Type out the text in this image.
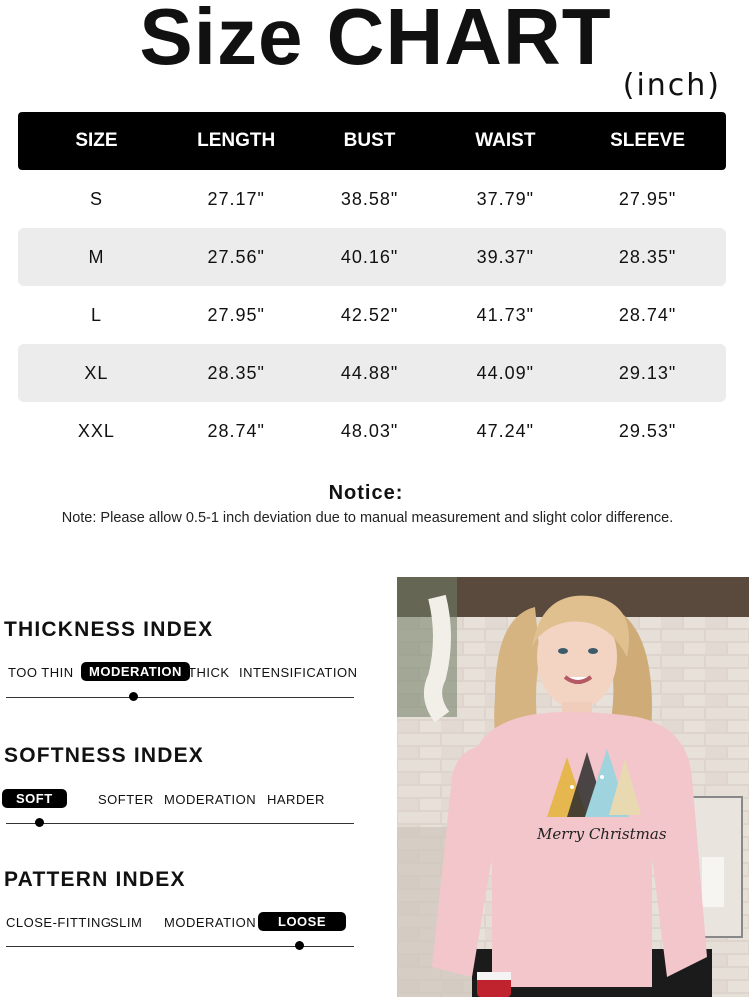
Size CHART
(inch)
SIZE	LENGTH	BUST	WAIST	SLEEVE
S	27.17"	38.58"	37.79"	27.95"
M	27.56"	40.16"	39.37"	28.35"
L	27.95"	42.52"	41.73"	28.74"
XL	28.35"	44.88"	44.09"	29.13"
XXL	28.74"	48.03"	47.24"	29.53"
Notice:
Note: Please allow 0.5-1 inch deviation due to manual measurement and slight color difference.
THICKNESS INDEX
TOO THIN	MODERATION THICK INTENSIFICATION
SOFTNESS INDEX
SOFT	SOFTER MODERATION HARDER
PATTERN INDEX
CLOSE-FITTING
SLIM MODERATION	LOOSE
Merry Christmas
